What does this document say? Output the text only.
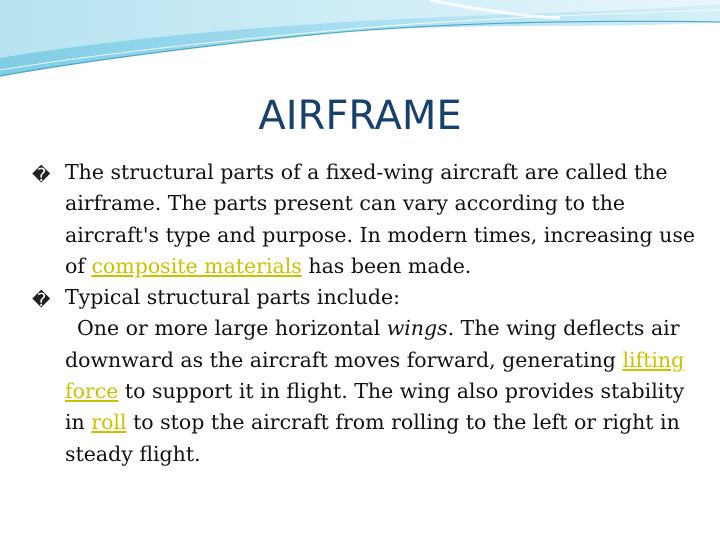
AIRFRAME

� The structural parts of a fixed-wing aircraft are called the airframe. The parts present can vary according to the aircraft's type and purpose. In modern times, increasing use of composite materials has been made.

� Typical structural parts include:

One or more large horizontal wings. The wing deflects air downward as the aircraft moves forward, generating lifting force to support it in flight. The wing also provides stability in roll to stop the aircraft from rolling to the left or right in steady flight.
